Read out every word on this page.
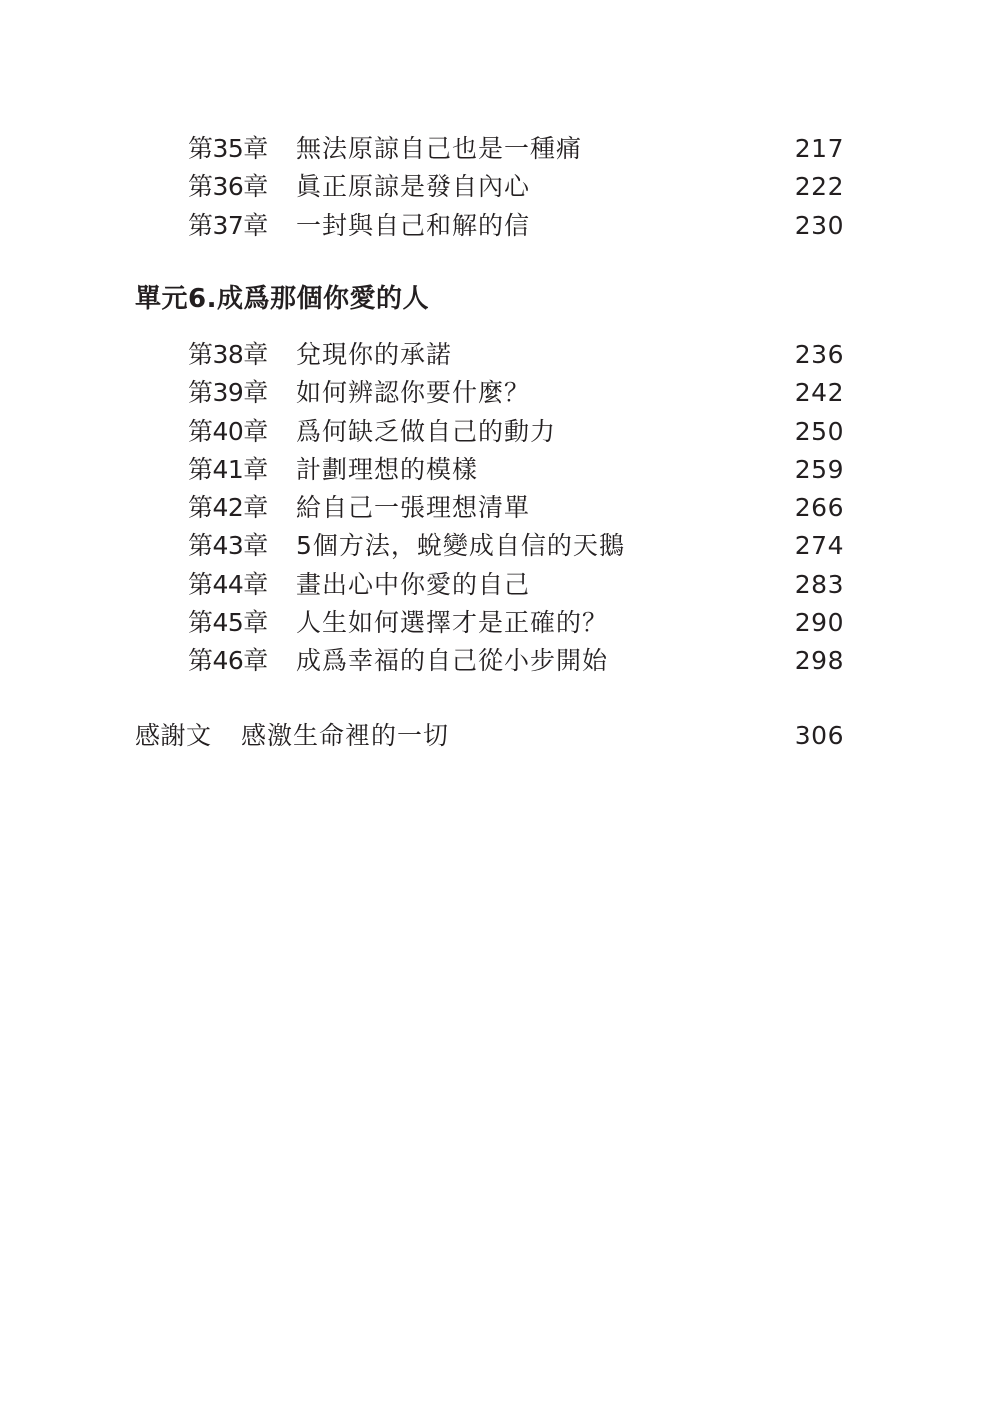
第35章 無法原諒自己也是一種痛	217
第36章 眞正原諒是發自內心	222
第37章 一封與自己和解的信	230
單元6.成爲那個你愛的人
第38章 兌現你的承諾	236
第39章 如何辨認你要什麼？	242
第40章 爲何缺乏做自己的動力	250
第41章 計劃理想的模樣	259
第42章 給自己一張理想清單	266
第43章 5個方法，蛻變成自信的天鵝	274
第44章 畫出心中你愛的自己	283
第45章 人生如何選擇才是正確的？	290
第46章 成爲幸福的自己從小步開始	298
感謝文 感激生命裡的一切	306
